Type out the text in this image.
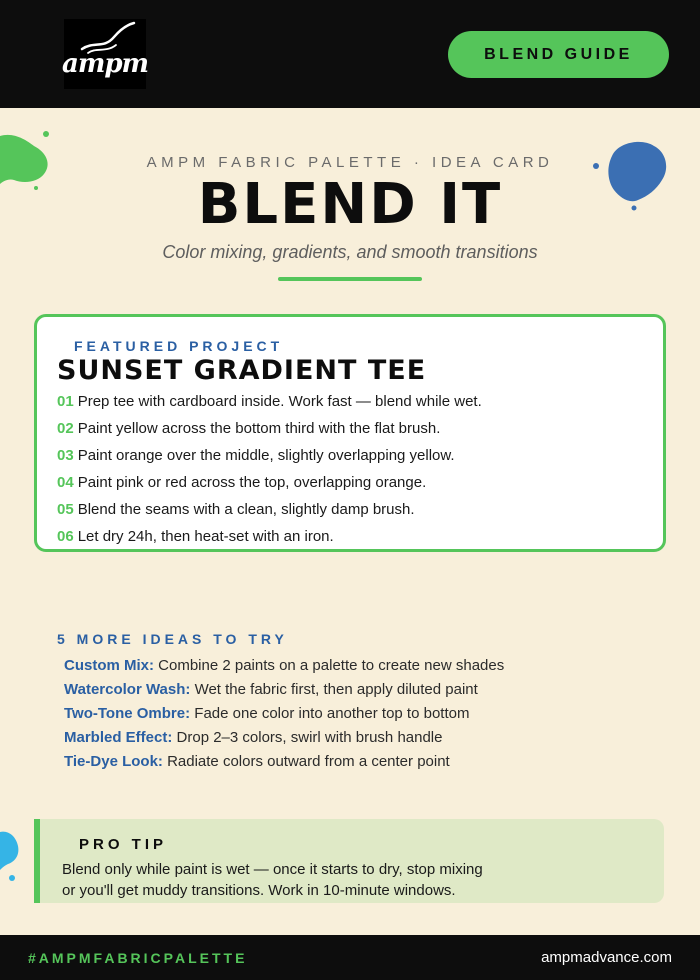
ampm	BLEND GUIDE
AMPM FABRIC PALETTE · IDEA CARD
BLEND IT
Color mixing, gradients, and smooth transitions
FEATURED PROJECT
SUNSET GRADIENT TEE
01 Prep tee with cardboard inside. Work fast — blend while wet.
02 Paint yellow across the bottom third with the flat brush.
03 Paint orange over the middle, slightly overlapping yellow.
04 Paint pink or red across the top, overlapping orange.
05 Blend the seams with a clean, slightly damp brush.
06 Let dry 24h, then heat-set with an iron.
5 MORE IDEAS TO TRY
Custom Mix: Combine 2 paints on a palette to create new shades
Watercolor Wash: Wet the fabric first, then apply diluted paint
Two-Tone Ombre: Fade one color into another top to bottom
Marbled Effect: Drop 2–3 colors, swirl with brush handle
Tie-Dye Look: Radiate colors outward from a center point
PRO TIP
Blend only while paint is wet — once it starts to dry, stop mixing
or you'll get muddy transitions. Work in 10-minute windows.
#AMPMFABRICPALETTE	ampmadvance.com
